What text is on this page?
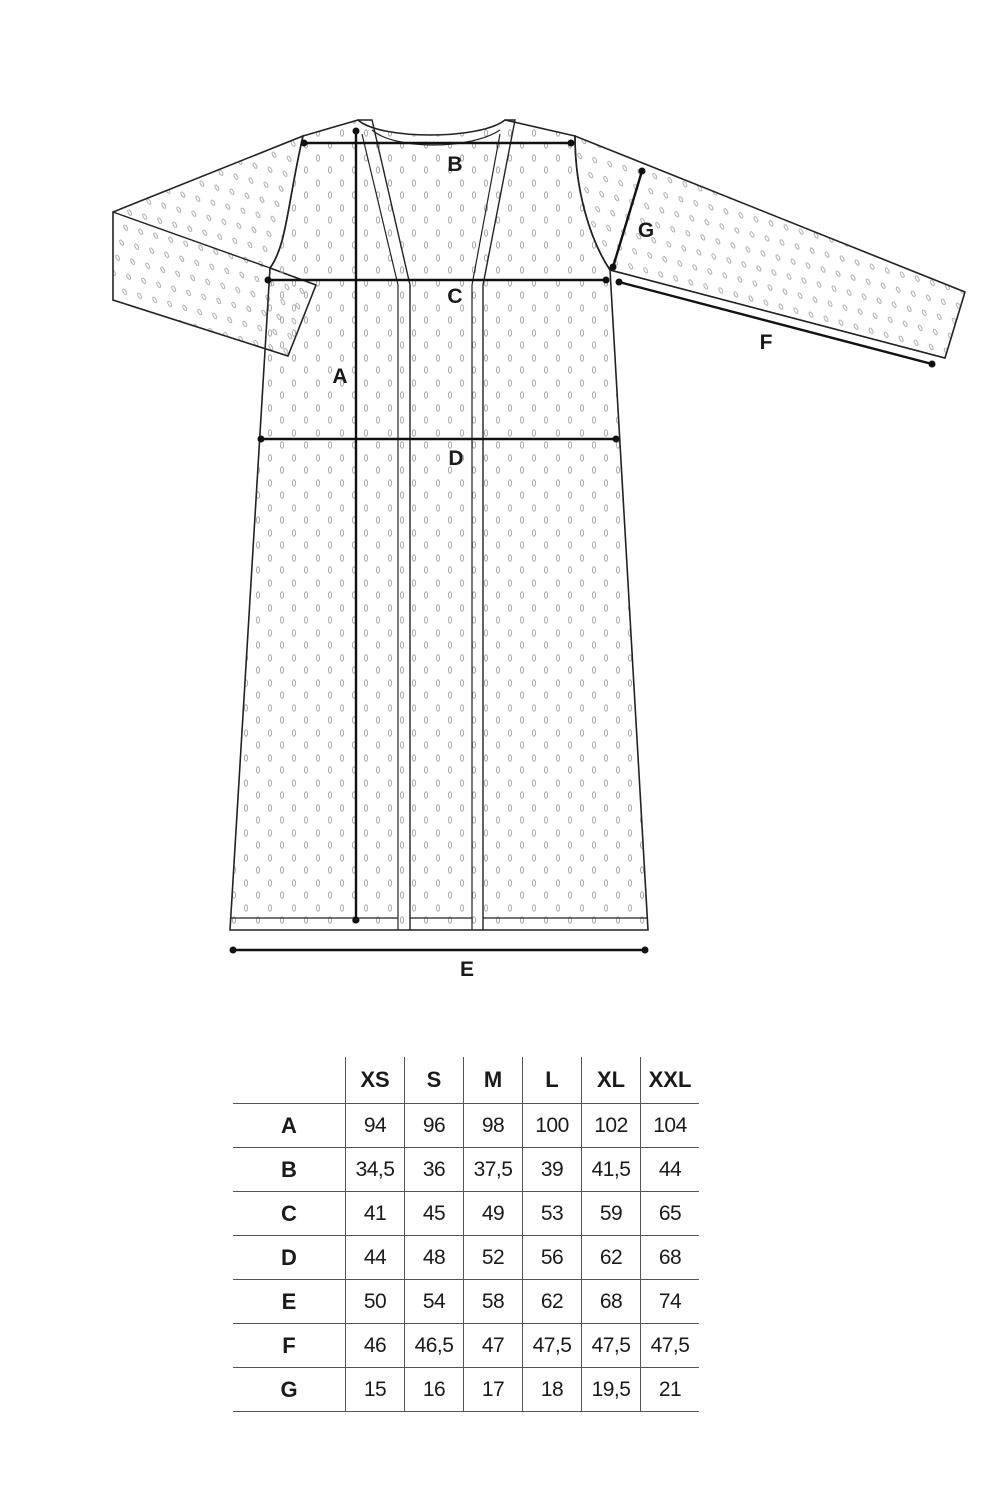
A
B
C
D
E
F
G
	XS	S	M	L	XL	XXL
A	94	96	98	100	102	104
B	34,5	36	37,5	39	41,5	44
C	41	45	49	53	59	65
D	44	48	52	56	62	68
E	50	54	58	62	68	74
F	46	46,5	47	47,5	47,5	47,5
G	15	16	17	18	19,5	21
